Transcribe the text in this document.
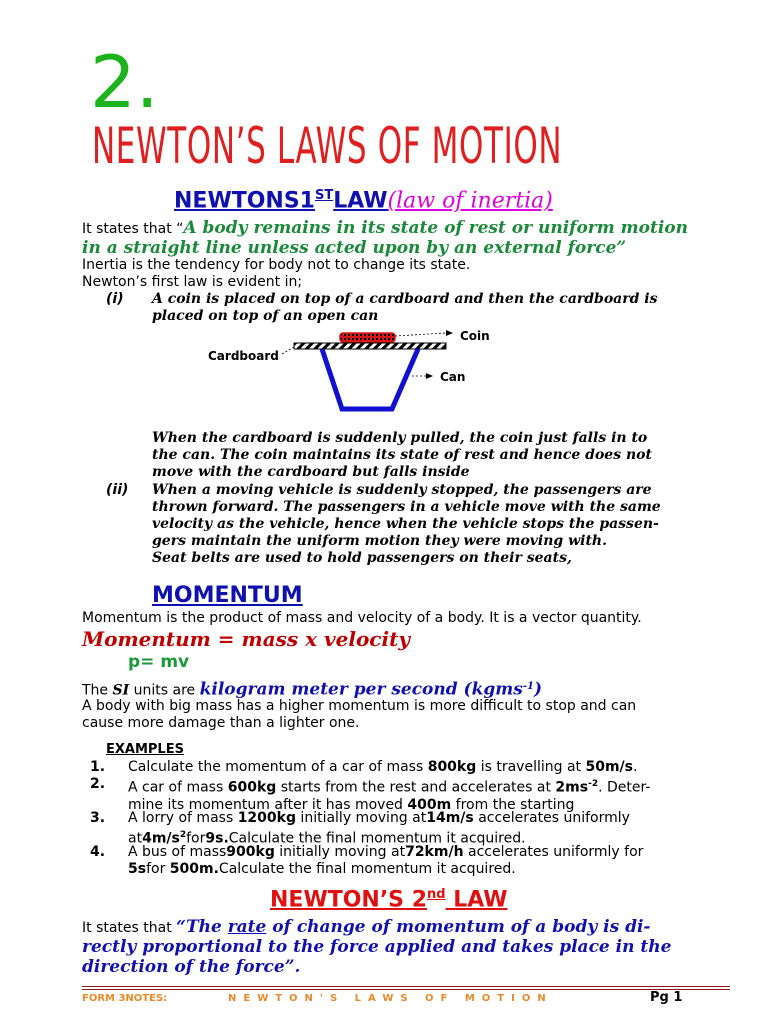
2.
NEWTON’S LAWS OF MOTION
NEWTONS1STLAW(law of inertia)
It states that “A body remains in its state of rest or uniform motion
in a straight line unless acted upon by an external force”
Inertia is the tendency for body not to change its state.
Newton’s first law is evident in;
(i) A coin is placed on top of a cardboard and then the cardboard is
placed on top of an open can
Coin
Cardboard
Can
When the cardboard is suddenly pulled, the coin just falls in to
the can. The coin maintains its state of rest and hence does not
move with the cardboard but falls inside
(ii) When a moving vehicle is suddenly stopped, the passengers are
thrown forward. The passengers in a vehicle move with the same
velocity as the vehicle, hence when the vehicle stops the passen-
gers maintain the uniform motion they were moving with.
Seat belts are used to hold passengers on their seats,
MOMENTUM
Momentum is the product of mass and velocity of a body. It is a vector quantity.
Momentum = mass x velocity
p= mv
The SI units are kilogram meter per second (kgms$^{-1}$)
A body with big mass has a higher momentum is more difficult to stop and can
cause more damage than a lighter one.
EXAMPLES
1. Calculate the momentum of a car of mass 800kg is travelling at 50m/s.
2. A car of mass 600kg starts from the rest and accelerates at $2ms^{-2}$. Deter-
mine its momentum after it has moved 400m from the starting
3. A lorry of mass 1200kg initially moving at14m/s accelerates uniformly
$at4m/s^2for9s.Calculate$ the final momentum it acquired.
4. A bus of mass900kg initially moving at72km/h accelerates uniformly for
5sfor 500m.Calculate the final momentum it acquired.
NEWTON’S 2nd LAW
It states that “The rate of change of momentum of a body is di-
rectly proportional to the force applied and takes place in the
direction of the force”.
FORM 3NOTES:	NEWTON'S LAWS OF MOTION	Pg 1
